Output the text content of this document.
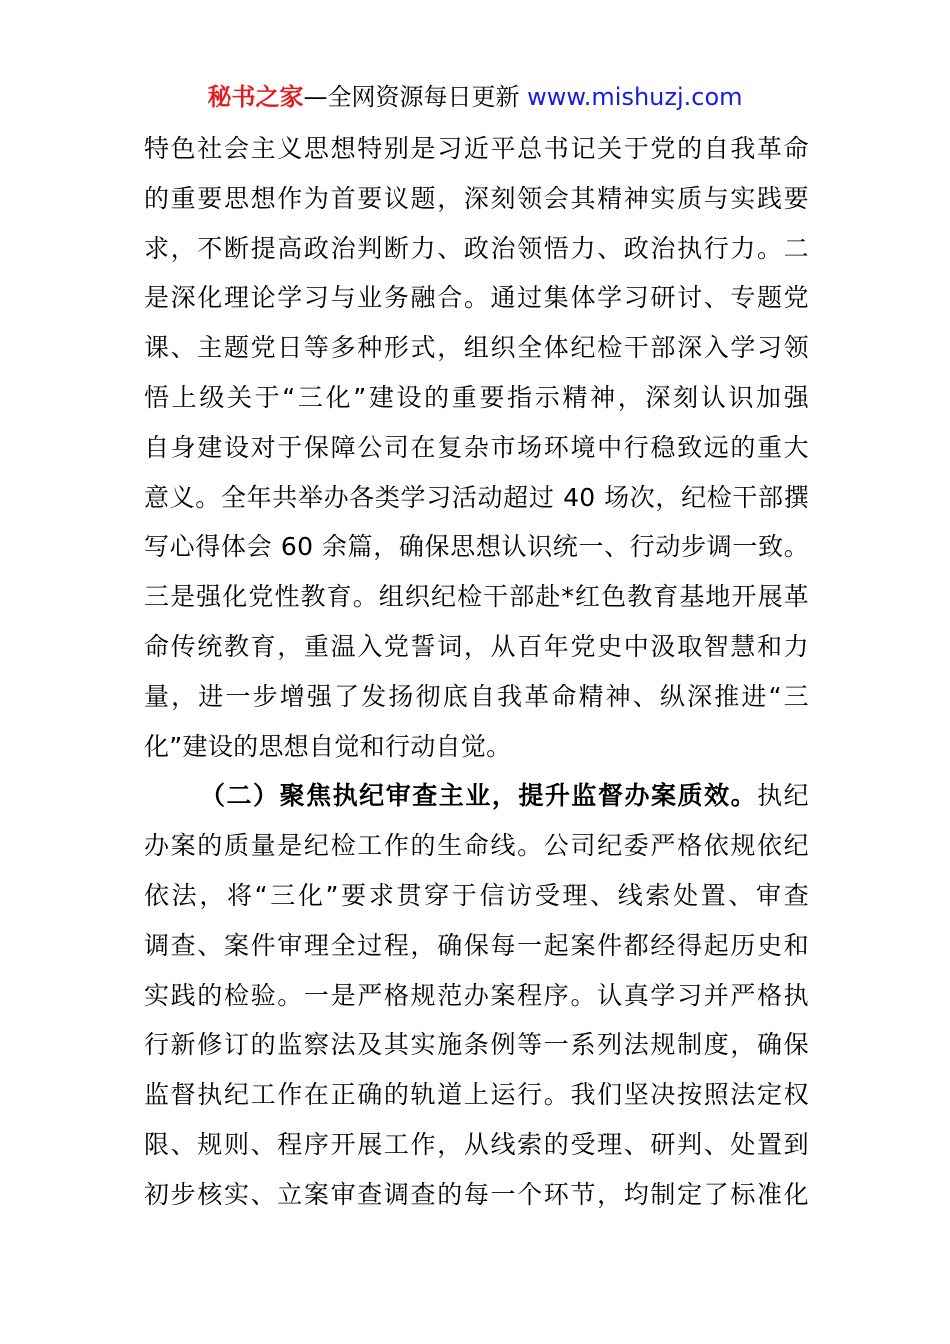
秘书之家—全网资源每日更新 www.mishuzj.com
特色社会主义思想特别是习近平总书记关于党的自我革命
的重要思想作为首要议题，深刻领会其精神实质与实践要
求，不断提高政治判断力、政治领悟力、政治执行力。二
是深化理论学习与业务融合。通过集体学习研讨、专题党
课、主题党日等多种形式，组织全体纪检干部深入学习领
悟上级关于“三化”建设的重要指示精神，深刻认识加强
自身建设对于保障公司在复杂市场环境中行稳致远的重大
意义。全年共举办各类学习活动超过 40 场次，纪检干部撰
写心得体会 60 余篇，确保思想认识统一、行动步调一致。
三是强化党性教育。组织纪检干部赴*红色教育基地开展革
命传统教育，重温入党誓词，从百年党史中汲取智慧和力
量，进一步增强了发扬彻底自我革命精神、纵深推进“三
化”建设的思想自觉和行动自觉。
（二）聚焦执纪审查主业，提升监督办案质效。执纪
办案的质量是纪检工作的生命线。公司纪委严格依规依纪
依法，将“三化”要求贯穿于信访受理、线索处置、审查
调查、案件审理全过程，确保每一起案件都经得起历史和
实践的检验。一是严格规范办案程序。认真学习并严格执
行新修订的监察法及其实施条例等一系列法规制度，确保
监督执纪工作在正确的轨道上运行。我们坚决按照法定权
限、规则、程序开展工作，从线索的受理、研判、处置到
初步核实、立案审查调查的每一个环节，均制定了标准化
